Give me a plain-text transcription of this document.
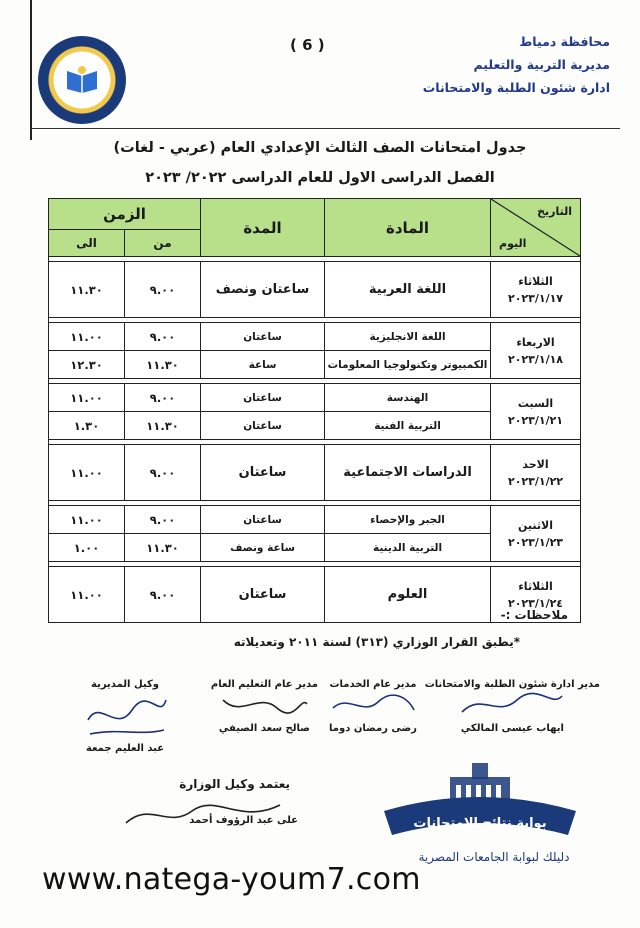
( 6 )	محافظة دمياط
مديرية التربية والتعليم
ادارة شئون الطلبة والامتحانات
جدول امتحانات الصف الثالث الإعدادي العام (عربي - لغات)
الفصل الدراسى الاول للعام الدراسى ٢٠٢٢/ ٢٠٢٣
التاريخ
اليوم	المادة	المدة	الزمن	
			من	الى

الثلاثاء
٢٠٢٣/١/١٧	اللغة العربية	ساعتان ونصف	٩.٠٠	١١.٣٠

الاربعاء
٢٠٢٣/١/١٨	اللغة الانجليزية	ساعتان	٩.٠٠	١١.٠٠
	الكمبيوتر وتكنولوجيا المعلومات	ساعة	١١.٣٠	١٢.٣٠

السبت
٢٠٢٣/١/٢١	الهندسة	ساعتان	٩.٠٠	١١.٠٠
	التربية الفنية	ساعتان	١١.٣٠	١.٣٠

الاحد
٢٠٢٣/١/٢٢	الدراسات الاجتماعية	ساعتان	٩.٠٠	١١.٠٠

الاثنين
٢٠٢٣/١/٢٣	الجبر والإحصاء	ساعتان	٩.٠٠	١١.٠٠
	التربية الدينية	ساعة ونصف	١١.٣٠	١.٠٠

الثلاثاء
٢٠٢٣/١/٢٤	العلوم	ساعتان	٩.٠٠	١١.٠٠
ملاحظات :-
*يطبق القرار الوزاري (٣١٣) لسنة ٢٠١١ وتعديلاته
مدير ادارة شئون الطلبة والامتحانات
ايهاب عيسى المالكي
مدير عام الخدمات
رضى رمضان دوما
مدير عام التعليم العام
صالح سعد الصيفي
وكيل المديرية
عبد العليم جمعة
يعتمد وكيل الوزارة
على عبد الرؤوف أحمد	بوابة نتائج الامتحانات
دليلك لبوابة الجامعات المصرية
www.natega-youm7.com
